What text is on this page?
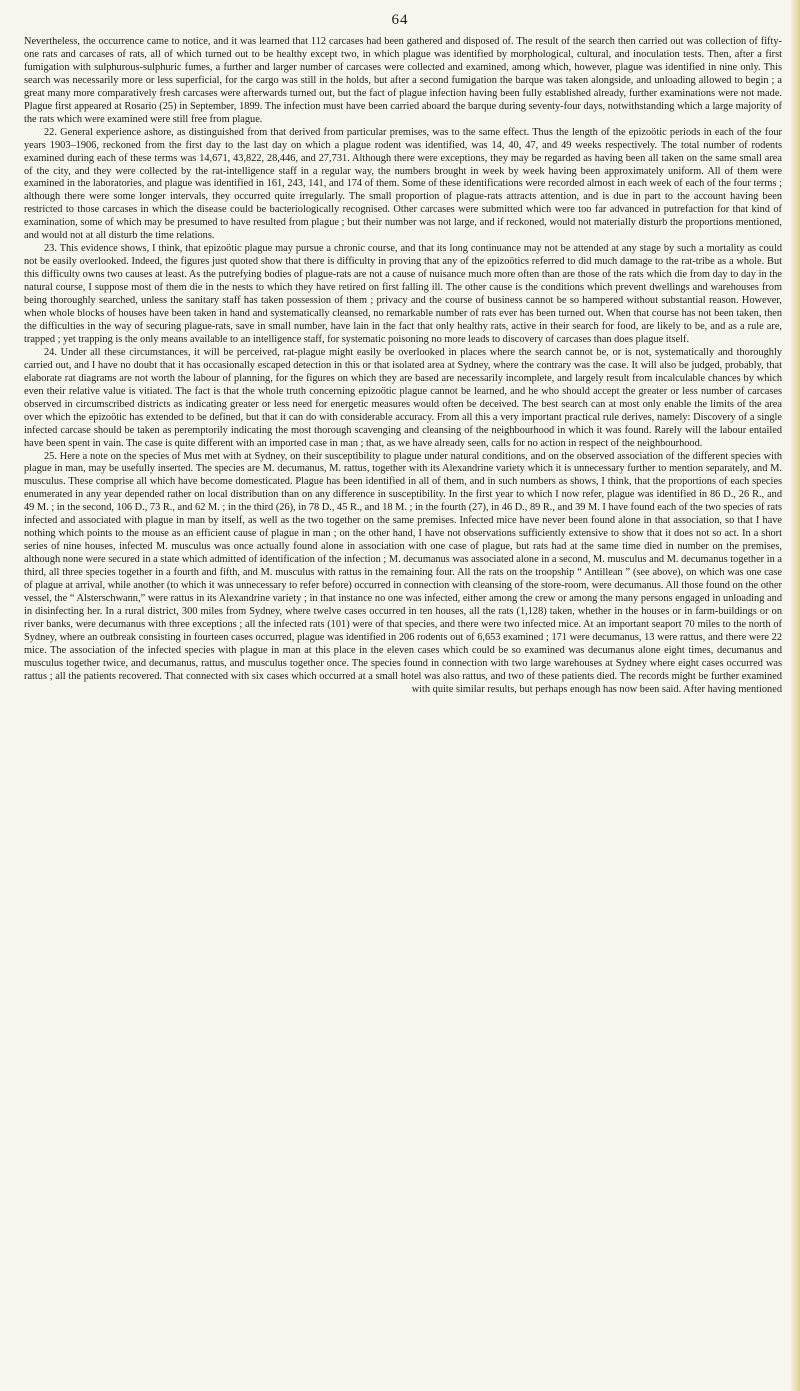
64

Nevertheless, the occurrence came to notice, and it was learned that 112 carcases had been gathered and disposed of. The result of the search then carried out was collection of fifty-one rats and carcases of rats, all of which turned out to be healthy except two, in which plague was identified by morphological, cultural, and inoculation tests. Then, after a first fumigation with sulphurous-sulphuric fumes, a further and larger number of carcases were collected and examined, among which, however, plague was identified in nine only. This search was necessarily more or less superficial, for the cargo was still in the holds, but after a second fumigation the barque was taken alongside, and unloading allowed to begin ; a great many more comparatively fresh carcases were afterwards turned out, but the fact of plague infection having been fully established already, further examinations were not made. Plague first appeared at Rosario (25) in September, 1899. The infection must have been carried aboard the barque during seventy-four days, notwithstanding which a large majority of the rats which were examined were still free from plague.

22. General experience ashore, as distinguished from that derived from particular premises, was to the same effect. Thus the length of the epizoötic periods in each of the four years 1903–1906, reckoned from the first day to the last day on which a plague rodent was identified, was 14, 40, 47, and 49 weeks respectively. The total number of rodents examined during each of these terms was 14,671, 43,822, 28,446, and 27,731. Although there were exceptions, they may be regarded as having been all taken on the same small area of the city, and they were collected by the rat-intelligence staff in a regular way, the numbers brought in week by week having been approximately uniform. All of them were examined in the laboratories, and plague was identified in 161, 243, 141, and 174 of them. Some of these identifications were recorded almost in each week of each of the four terms ; although there were some longer intervals, they occurred quite irregularly. The small proportion of plague-rats attracts attention, and is due in part to the account having been restricted to those carcases in which the disease could be bacteriologically recognised. Other carcases were submitted which were too far advanced in putrefaction for that kind of examination, some of which may be presumed to have resulted from plague ; but their number was not large, and if reckoned, would not materially disturb the proportions mentioned, and would not at all disturb the time relations.

23. This evidence shows, I think, that epizoötic plague may pursue a chronic course, and that its long continuance may not be attended at any stage by such a mortality as could not be easily overlooked. Indeed, the figures just quoted show that there is difficulty in proving that any of the epizoötics referred to did much damage to the rat-tribe as a whole. But this difficulty owns two causes at least. As the putrefying bodies of plague-rats are not a cause of nuisance much more often than are those of the rats which die from day to day in the natural course, I suppose most of them die in the nests to which they have retired on first falling ill. The other cause is the conditions which prevent dwellings and warehouses from being thoroughly searched, unless the sanitary staff has taken possession of them ; privacy and the course of business cannot be so hampered without substantial reason. However, when whole blocks of houses have been taken in hand and systematically cleansed, no remarkable number of rats ever has been turned out. When that course has not been taken, then the difficulties in the way of securing plague-rats, save in small number, have lain in the fact that only healthy rats, active in their search for food, are likely to be, and as a rule are, trapped ; yet trapping is the only means available to an intelligence staff, for systematic poisoning no more leads to discovery of carcases than does plague itself.

24. Under all these circumstances, it will be perceived, rat-plague might easily be overlooked in places where the search cannot be, or is not, systematically and thoroughly carried out, and I have no doubt that it has occasionally escaped detection in this or that isolated area at Sydney, where the contrary was the case. It will also be judged, probably, that elaborate rat diagrams are not worth the labour of planning, for the figures on which they are based are necessarily incomplete, and largely result from incalculable chances by which even their relative value is vitiated. The fact is that the whole truth concerning epizoötic plague cannot be learned, and he who should accept the greater or less number of carcases observed in circumscribed districts as indicating greater or less need for energetic measures would often be deceived. The best search can at most only enable the limits of the area over which the epizoötic has extended to be defined, but that it can do with considerable accuracy. From all this a very important practical rule derives, namely: Discovery of a single infected carcase should be taken as peremptorily indicating the most thorough scavenging and cleansing of the neighbourhood in which it was found. Rarely will the labour entailed have been spent in vain. The case is quite different with an imported case in man ; that, as we have already seen, calls for no action in respect of the neighbourhood.

25. Here a note on the species of Mus met with at Sydney, on their susceptibility to plague under natural conditions, and on the observed association of the different species with plague in man, may be usefully inserted. The species are M. decumanus, M. rattus, together with its Alexandrine variety which it is unnecessary further to mention separately, and M. musculus. These comprise all which have become domesticated. Plague has been identified in all of them, and in such numbers as shows, I think, that the proportions of each species enumerated in any year depended rather on local distribution than on any difference in susceptibility. In the first year to which I now refer, plague was identified in 86 D., 26 R., and 49 M. ; in the second, 106 D., 73 R., and 62 M. ; in the third (26), in 78 D., 45 R., and 18 M. ; in the fourth (27), in 46 D., 89 R., and 39 M. I have found each of the two species of rats infected and associated with plague in man by itself, as well as the two together on the same premises. Infected mice have never been found alone in that association, so that I have nothing which points to the mouse as an efficient cause of plague in man ; on the other hand, I have not observations sufficiently extensive to show that it does not so act. In a short series of nine houses, infected M. musculus was once actually found alone in association with one case of plague, but rats had at the same time died in number on the premises, although none were secured in a state which admitted of identification of the infection ; M. decumanus was associated alone in a second, M. musculus and M. decumanus together in a third, all three species together in a fourth and fifth, and M. musculus with rattus in the remaining four. All the rats on the troopship “ Antillean ” (see above), on which was one case of plague at arrival, while another (to which it was unnecessary to refer before) occurred in connection with cleansing of the store-room, were decumanus. All those found on the other vessel, the “ Alsterschwann,” were rattus in its Alexandrine variety ; in that instance no one was infected, either among the crew or among the many persons engaged in unloading and in disinfecting her. In a rural district, 300 miles from Sydney, where twelve cases occurred in ten houses, all the rats (1,128) taken, whether in the houses or in farm-buildings or on river banks, were decumanus with three exceptions ; all the infected rats (101) were of that species, and there were two infected mice. At an important seaport 70 miles to the north of Sydney, where an outbreak consisting in fourteen cases occurred, plague was identified in 206 rodents out of 6,653 examined ; 171 were decumanus, 13 were rattus, and there were 22 mice. The association of the infected species with plague in man at this place in the eleven cases which could be so examined was decumanus alone eight times, decumanus and musculus together twice, and decumanus, rattus, and musculus together once. The species found in connection with two large warehouses at Sydney where eight cases occurred was rattus ; all the patients recovered. That connected with six cases which occurred at a small hotel was also rattus, and two of these patients died. The records might be further examined with quite similar results, but perhaps enough has now been said. After having mentioned
